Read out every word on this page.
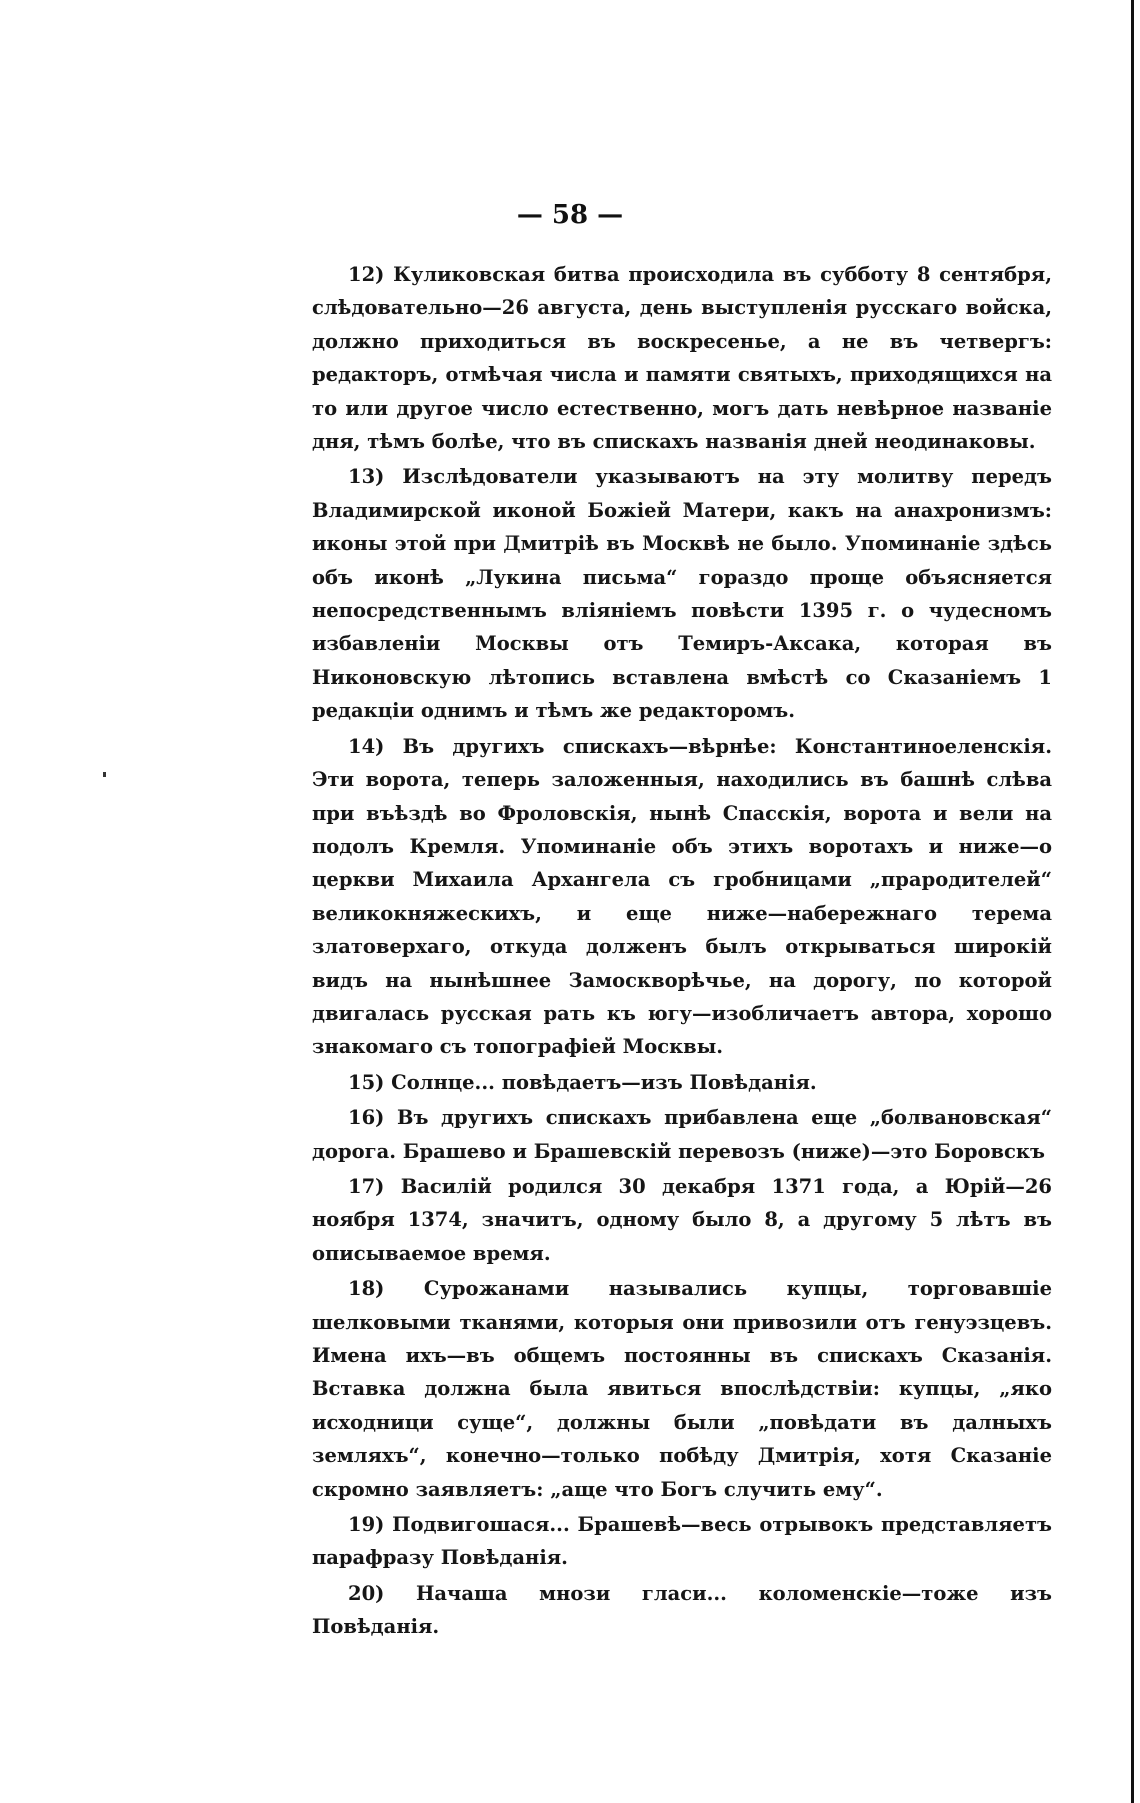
— 58 —

12) Куликовская битва происходила въ субботу 8 сентября, слѣдовательно—26 августа, день выступленія русскаго войска, должно приходиться въ воскресенье, а не въ четвергъ: редакторъ, отмѣчая числа и памяти святыхъ, приходящихся на то или другое число естественно, могъ дать невѣрное названіе дня, тѣмъ болѣе, что въ спискахъ названія дней неодинаковы.

13) Изслѣдователи указываютъ на эту молитву передъ Владимирской иконой Божіей Матери, какъ на анахронизмъ: иконы этой при Дмитріѣ въ Москвѣ не было. Упоминаніе здѣсь объ иконѣ „Лукина письма“ гораздо проще объясняется непосредственнымъ вліяніемъ повѣсти 1395 г. о чудесномъ избавленіи Москвы отъ Темиръ-Аксака, которая въ Никоновскую лѣтопись вставлена вмѣстѣ со Сказаніемъ 1 редакціи однимъ и тѣмъ же редакторомъ.

14) Въ другихъ спискахъ—вѣрнѣе: Константиноеленскія. Эти ворота, теперь заложенныя, находились въ башнѣ слѣва при въѣздѣ во Фроловскія, нынѣ Спасскія, ворота и вели на подолъ Кремля. Упоминаніе объ этихъ воротахъ и ниже—о церкви Михаила Архангела съ гробницами „прародителей“ великокняжескихъ, и еще ниже—набережнаго терема златоверхаго, откуда долженъ былъ открываться широкій видъ на нынѣшнее Замоскворѣчье, на дорогу, по которой двигалась русская рать къ югу—изобличаетъ автора, хорошо знакомаго съ топографіей Москвы.

15) Солнце... повѣдаетъ—изъ Повѣданія.

16) Въ другихъ спискахъ прибавлена еще „болвановская“ дорога. Брашево и Брашевскій перевозъ (ниже)—это Боровскъ

17) Василій родился 30 декабря 1371 года, а Юрій—26 ноября 1374, значитъ, одному было 8, а другому 5 лѣтъ въ описываемое время.

18) Сурожанами назывались купцы, торговавшіе шелковыми тканями, которыя они привозили отъ генуэзцевъ. Имена ихъ—въ общемъ постоянны въ спискахъ Сказанія. Вставка должна была явиться впослѣдствіи: купцы, „яко исходници суще“, должны были „повѣдати въ далныхъ земляхъ“, конечно—только побѣду Дмитрія, хотя Сказаніе скромно заявляетъ: „аще что Богъ случить ему“.

19) Подвигошася... Брашевѣ—весь отрывокъ представляетъ парафразу Повѣданія.

20) Начаша мнози гласи... коломенскіе—тоже изъ Повѣданія.
